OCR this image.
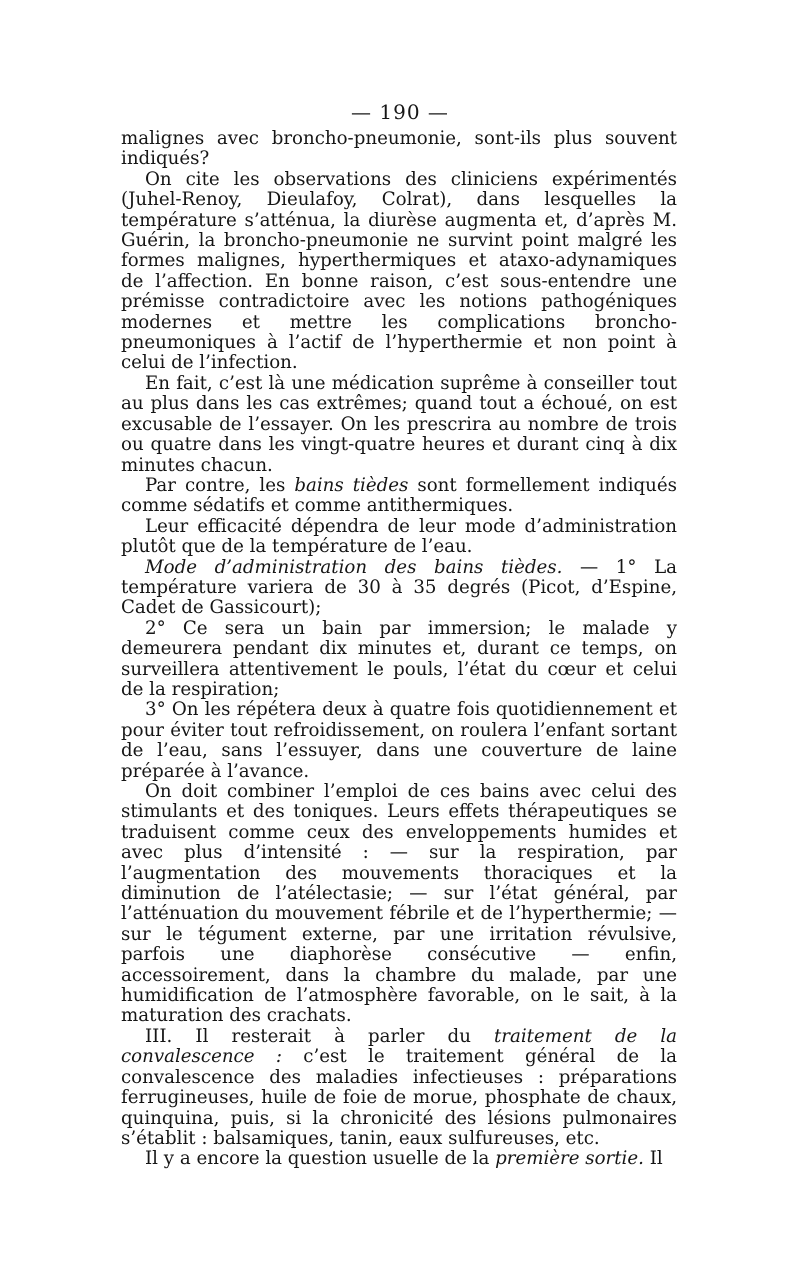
— 190 —

malignes avec broncho-pneumonie, sont-ils plus souvent indiqués?

On cite les observations des cliniciens expérimentés (Juhel-Renoy, Dieulafoy, Colrat), dans lesquelles la température s’atténua, la diurèse augmenta et, d’après M. Guérin, la broncho-pneumonie ne survint point malgré les formes malignes, hyperthermiques et ataxo-adynamiques de l’affection. En bonne raison, c’est sous-entendre une prémisse contradictoire avec les notions pathogéniques modernes et mettre les complications broncho-pneumoniques à l’actif de l’hyperthermie et non point à celui de l’infection.

En fait, c’est là une médication suprême à conseiller tout au plus dans les cas extrêmes; quand tout a échoué, on est excusable de l’essayer. On les prescrira au nombre de trois ou quatre dans les vingt-quatre heures et durant cinq à dix minutes chacun.

Par contre, les bains tièdes sont formellement indiqués comme sédatifs et comme antithermiques.

Leur efficacité dépendra de leur mode d’administration plutôt que de la température de l’eau.

Mode d’administration des bains tièdes. — 1° La température variera de 30 à 35 degrés (Picot, d’Espine, Cadet de Gassicourt);

2° Ce sera un bain par immersion; le malade y demeurera pendant dix minutes et, durant ce temps, on surveillera attentivement le pouls, l’état du cœur et celui de la respiration;

3° On les répétera deux à quatre fois quotidiennement et pour éviter tout refroidissement, on roulera l’enfant sortant de l’eau, sans l’essuyer, dans une couverture de laine préparée à l’avance.

On doit combiner l’emploi de ces bains avec celui des stimulants et des toniques. Leurs effets thérapeutiques se traduisent comme ceux des enveloppements humides et avec plus d’intensité : — sur la respiration, par l’augmentation des mouvements thoraciques et la diminution de l’atélectasie; — sur l’état général, par l’atténuation du mouvement fébrile et de l’hyperthermie; — sur le tégument externe, par une irritation révulsive, parfois une diaphorèse consécutive — enfin, accessoirement, dans la chambre du malade, par une humidification de l’atmosphère favorable, on le sait, à la maturation des crachats.

III. Il resterait à parler du traitement de la convalescence : c’est le traitement général de la convalescence des maladies infectieuses : préparations ferrugineuses, huile de foie de morue, phosphate de chaux, quinquina, puis, si la chronicité des lésions pulmonaires s’établit : balsamiques, tanin, eaux sulfureuses, etc.

Il y a encore la question usuelle de la première sortie. Il
